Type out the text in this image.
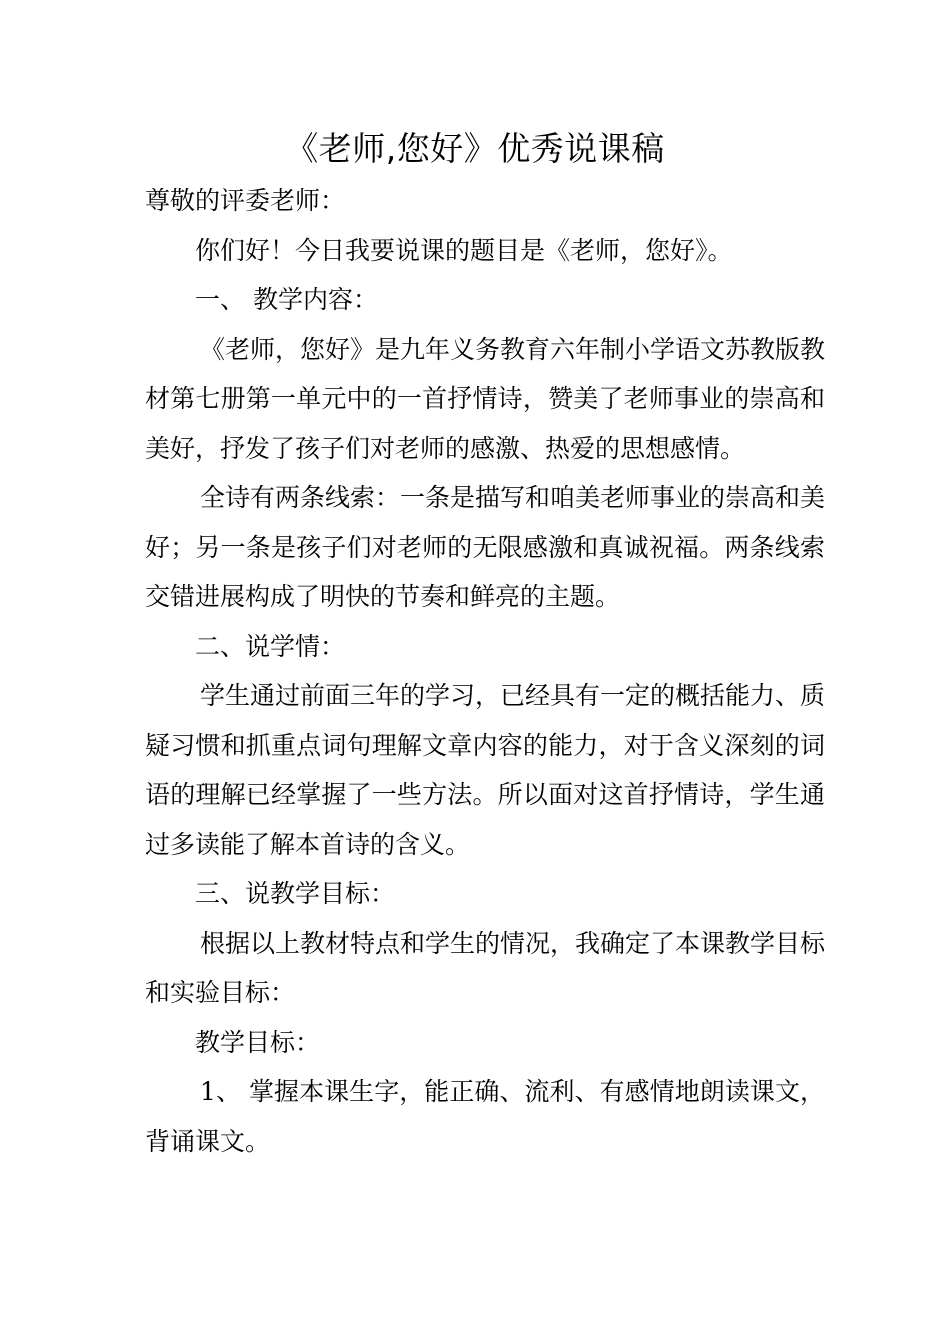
《老师,您好》优秀说课稿

尊敬的评委老师：

你们好！今日我要说课的题目是《老师，您好》。

一、 教学内容：

《老师，您好》是九年义务教育六年制小学语文苏教版教材第七册第一单元中的一首抒情诗，赞美了老师事业的崇高和美好，抒发了孩子们对老师的感激、热爱的思想感情。

全诗有两条线索：一条是描写和咱美老师事业的崇高和美好；另一条是孩子们对老师的无限感激和真诚祝福。两条线索交错进展构成了明快的节奏和鲜亮的主题。

二、说学情：

学生通过前面三年的学习，已经具有一定的概括能力、质疑习惯和抓重点词句理解文章内容的能力，对于含义深刻的词语的理解已经掌握了一些方法。所以面对这首抒情诗，学生通过多读能了解本首诗的含义。

三、说教学目标：

根据以上教材特点和学生的情况，我确定了本课教学目标和实验目标：

教学目标：

1、 掌握本课生字，能正确、流利、有感情地朗读课文，背诵课文。
